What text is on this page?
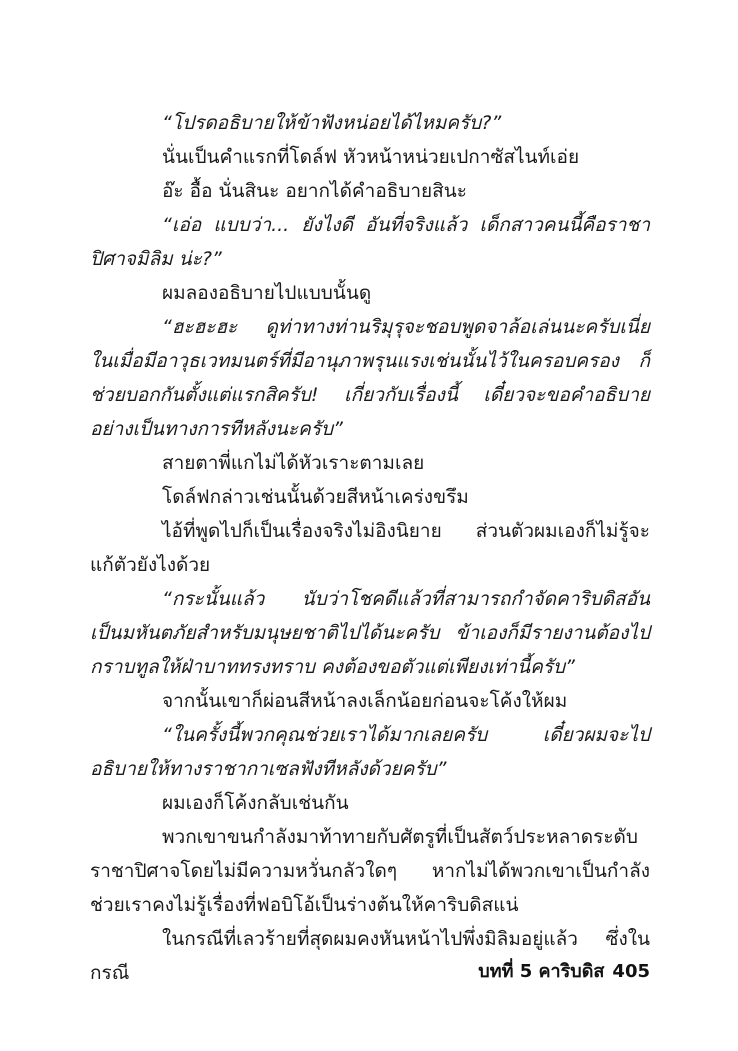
“โปรดอธิบายให้ข้าฟังหน่อยได้ไหมครับ?”

นั่นเป็นคำแรกที่โดล์ฟ หัวหน้าหน่วยเปกาซัสไนท์เอ่ย

อ๊ะ อื้อ นั่นสินะ อยากได้คำอธิบายสินะ

“เอ่อ แบบว่า... ยังไงดี อันที่จริงแล้ว เด็กสาวคนนี้คือราชาปิศาจมิลิม น่ะ?”

ผมลองอธิบายไปแบบนั้นดู

“ฮะฮะฮะ ดูท่าทางท่านริมุรุจะชอบพูดจาล้อเล่นนะครับเนี่ย ในเมื่อมีอาวุธเวทมนตร์ที่มีอานุภาพรุนแรงเช่นนั้นไว้ในครอบครอง ก็ช่วยบอกกันตั้งแต่แรกสิครับ! เกี่ยวกับเรื่องนี้ เดี๋ยวจะขอคำอธิบายอย่างเป็นทางการทีหลังนะครับ”

สายตาพี่แกไม่ได้หัวเราะตามเลย

โดล์ฟกล่าวเช่นนั้นด้วยสีหน้าเคร่งขรึม

ไอ้ที่พูดไปก็เป็นเรื่องจริงไม่อิงนิยาย ส่วนตัวผมเองก็ไม่รู้จะแก้ตัวยังไงด้วย

“กระนั้นแล้ว นับว่าโชคดีแล้วที่สามารถกำจัดคาริบดิสอันเป็นมหันตภัยสำหรับมนุษยชาติไปได้นะครับ ข้าเองก็มีรายงานต้องไปกราบทูลให้ฝ่าบาททรงทราบ คงต้องขอตัวแต่เพียงเท่านี้ครับ”

จากนั้นเขาก็ผ่อนสีหน้าลงเล็กน้อยก่อนจะโค้งให้ผม

“ในครั้งนี้พวกคุณช่วยเราได้มากเลยครับ เดี๋ยวผมจะไปอธิบายให้ทางราชากาเซลฟังทีหลังด้วยครับ”

ผมเองก็โค้งกลับเช่นกัน

พวกเขาขนกำลังมาท้าทายกับศัตรูที่เป็นสัตว์ประหลาดระดับราชาปิศาจโดยไม่มีความหวั่นกลัวใดๆ หากไม่ได้พวกเขาเป็นกำลังช่วยเราคงไม่รู้เรื่องที่ฟอบิโอ้เป็นร่างต้นให้คาริบดิสแน่

ในกรณีที่เลวร้ายที่สุดผมคงหันหน้าไปพึ่งมิลิมอยู่แล้ว ซึ่งในกรณี	บทที่ 5 คาริบดิส 405
